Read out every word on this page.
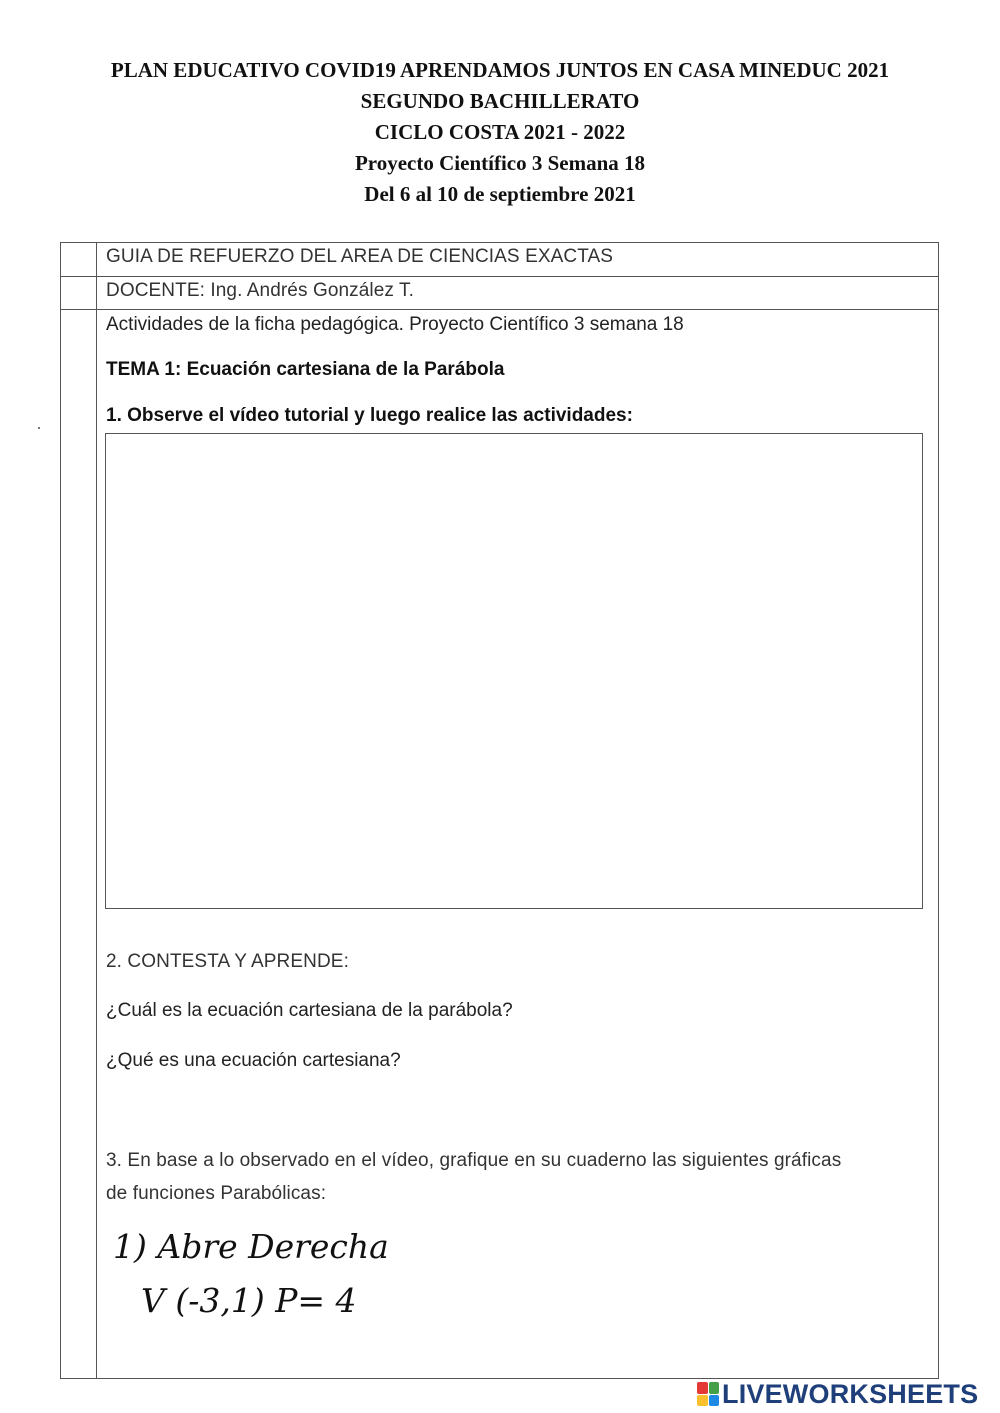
PLAN EDUCATIVO COVID19 APRENDAMOS JUNTOS EN CASA MINEDUC 2021
SEGUNDO BACHILLERATO
CICLO COSTA 2021 - 2022
Proyecto Científico 3 Semana 18
Del 6 al 10 de septiembre 2021
GUIA DE REFUERZO DEL AREA DE CIENCIAS EXACTAS
DOCENTE: Ing. Andrés González T.
Actividades de la ficha pedagógica. Proyecto Científico 3 semana 18
TEMA 1: Ecuación cartesiana de la Parábola
1. Observe el vídeo tutorial y luego realice las actividades:
2. CONTESTA Y APRENDE:
¿Cuál es la ecuación cartesiana de la parábola?
¿Qué es una ecuación cartesiana?
3. En base a lo observado en el vídeo, grafique en su cuaderno las siguientes gráficas
de funciones Parabólicas:
1) Abre Derecha
V (-3,1) P= 4
LIVEWORKSHEETS
